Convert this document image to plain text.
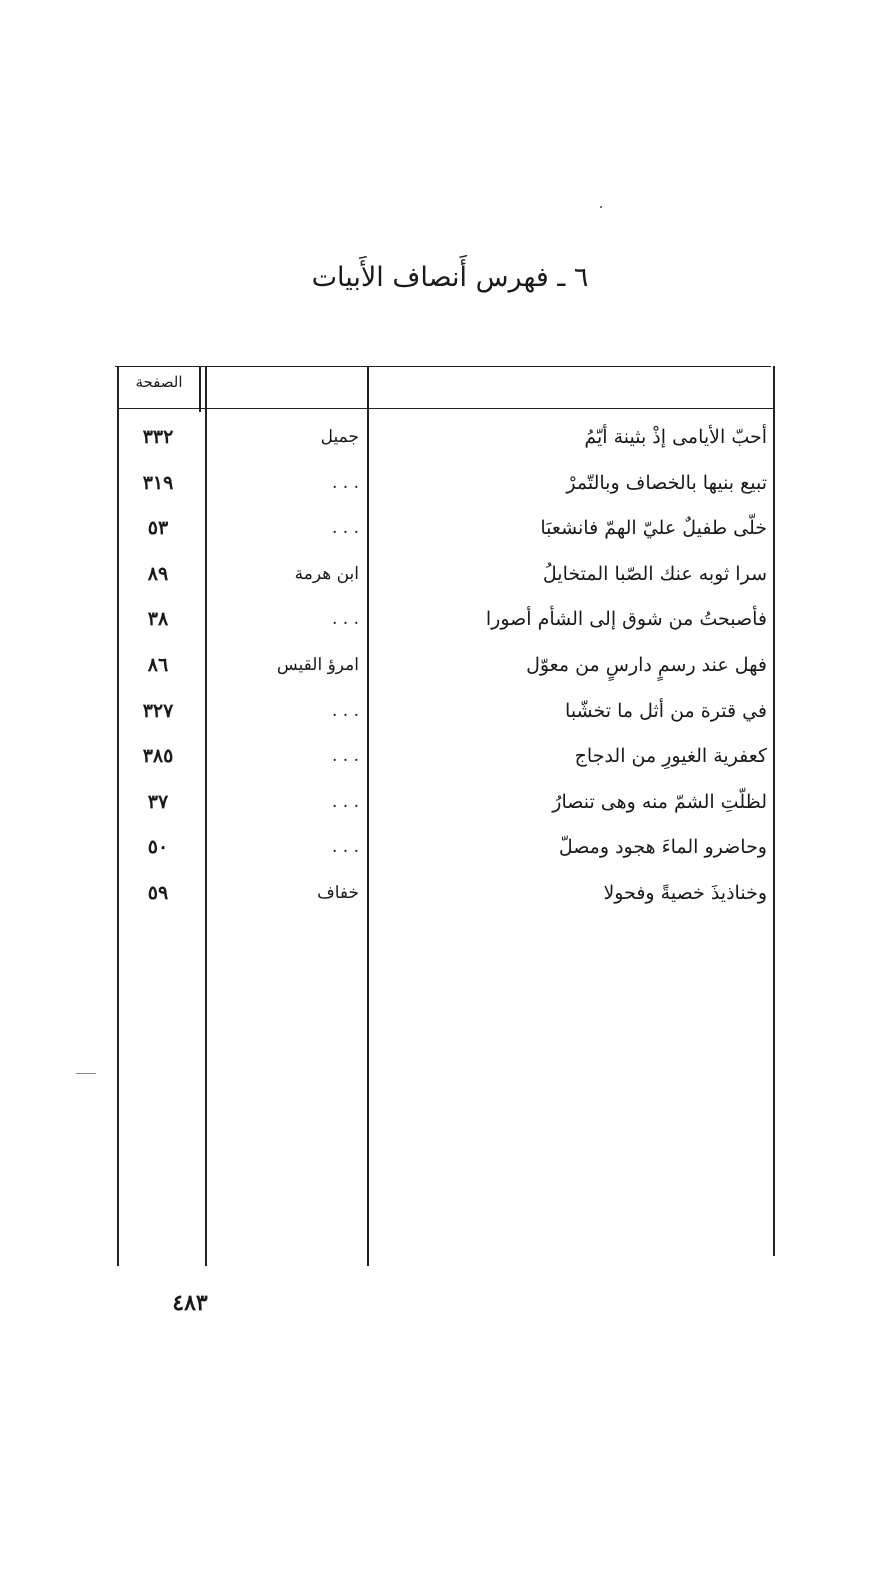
٦ ـ فهرس أَنصاف الأَبيات
الصفحة
أحبّ الأيامى إذْ بثينة أيّمُ
جميل
٣٣٢
تبيع بنيها بالخصاف وبالتّمرْ
. . .
٣١٩
خلّى طفيلٌ عليّ الهمّ فانشعبَا
. . .
٥٣
سرا ثوبه عنك الصّبا المتخايلُ
ابن هرمة
٨٩
فأصبحتُ من شوق إلى الشأم أصورا
. . .
٣٨
فهل عند رسمٍ دارسٍ من معوّل
امرؤ القيس
٨٦
في قترة من أثل ما تخشّبا
. . .
٣٢٧
كعفرية الغيورِ من الدجاج
. . .
٣٨٥
لظلّتِ الشمّ منه وهى تنصارُ
. . .
٣٧
وحاضرو الماءَ هجود ومصلّ
. . .
٥٠
وخناذيذَ خصيةً وفحولا
خفاف
٥٩
٤٨٣
